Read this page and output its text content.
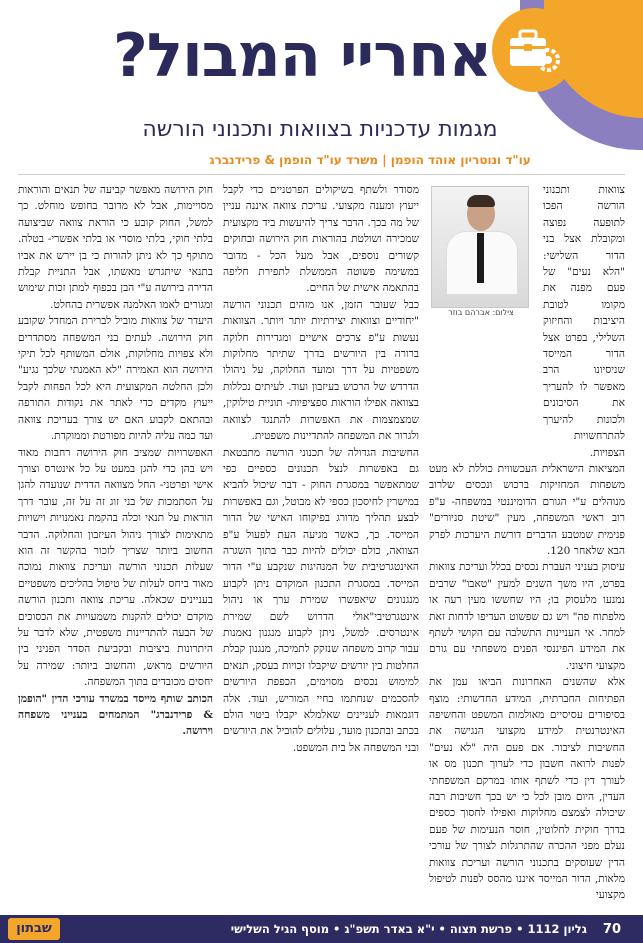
אחריי המבול?
מגמות עדכניות בצוואות ותכנוני הורשה
עו"ד ונוטריון אוהד הופמן | משרד עו"ד הופמן & פרידנברג
צילום: אברהם בוזר

צוואות ותכנוני הורשה הפכו לתופעה נפוצה ומקובלת אצל בני הדור השלישי: "הלא נעים" של פעם מפנה את מקומו לטובת היציבות והחיזוק השלילי, בפרט אצל הדור המייסד שניסיונו הרב מאפשר לו להעריך את הסיכונים ולכונות להיערך להתרחשויות הצפויות.

המציאות הישראלית העכשווית כוללת לא מעט משפחות המחזיקות ברכוש ונכסים שלרוב מנוהלים ע"י הגורם הדומיננטי במשפחה- ע"פ רוב ראשי המשפחה, מעין "שיטת סניורים" פנימית שמטבע הדברים דורשת היערכות לפרק הבא שלאחר 120.

עיסוק בעניני העברת נכסים בכלל ועריכת צוואות בפרט, היו משך השנים למעין "טאבו" שרבים נמנעו מלעסוק בו; היו שחששו מעין רעה או מלפתוח פה" ויש גם שפשוט העדיפו לדחות זאת למחר. אי העניינות התשלבה עם הקושי לשתף את המידע הפיננסי הפנים משפחתי עם גורם מקצועי חיצוני.

אלא שהשנים האחרונות הביאו עמן את הפתיחות החברתית, המידע החדשותי: מוצף בסיפורים עסיסיים מאולמות המשפט והחשיפה האינטרנטית למידע מקצועי הנגישה את החשיבות לציבור. אם פעם היה "לא נעים" לפנות לרואה חשבון כדי לערוך תכנון מס או לעורך דין כדי לשתף אותו במרקם המשפחתי העדין, היום מובן לכל כי יש בכך חשיבות רבה שיכולה לצמצם מחלוקות ואפילו לחסוך כספים בדרך חוקית לחלוטין, חוסר הנעימות של פעם נעלם מפני ההכרה שהתרגלות לצורך של עורכי הדין שעוסקים בתכנוני הורשה ועריכת צוואות מלאות, הדור המייסד איננו מהסס לפנות לטיפול מקצועי

מסודר ולשתף בשיקולים הפרטניים כדי לקבל ייעוץ ומענה מקצועי. עריכת צוואה איננה עניין של מה בכך. הדבר צריך להיעשות ביד מקצועית שמכירה ושולטת בהוראות חוק הירושה ובחוקים קשורים נוספים, אבל מעל הכל - מדובר במשימה פשוטה הממשלת לתפירת חליפה בהתאמה אישית של החיים.

כבל שעובר הזמן, אנו מזהים תכנוני הורשה "יחודיים וצוואות יצירתיות יותר ויותר. הצוואות נעשות ע"פ צרכים אישיים ומגדירות חלוקה ברורה בין היורשים בדרך שתיתר מחלוקות משפטיות על דרך ומועד החלוקה, על ניהולו הדרדש של הרכוש בעיזבון ועוד. לעיתים נכללות בצוואה אפילו הוראות ספציפיות- תוניית טילוקין, שמצמצמות את האפשרות להתנגד לצוואה ולגרור את המשפחה להתדיינות משפטית.

החשיבות הגדולה של תכנוני הורשה מתבטאת גם באפשרות לנצל תכנונים כספיים כפי שמתאפשר במסגרת החוק - דבר שיכול להביא במישרין לחיסכון כספי לא מבוטל, וגם באפשרות לבצע תהליך מדורג בפיקוחו האישי של הדור המייסד. כך, כאשר מגיעה העת לפעול ע"פ הצוואה, כולם יכולים להיות כבר בתוך השגרה האינטגרטיבית של המנהיגות שנקבע ע"י הדור המייסד. במסגרת התכנון המוקדם ניתן לקבוע מנגנונים שיאפשרו שמירת ערך או ניהול אינטגרטיבי"אולי הדרוש לשם שמירת אינטרסים. למשל, ניתן לקבוע מנגנון נאמנות עבור קרוב משפחה שנזקק לתמיכה, מנגנון קבלת החלטות בין יורשים שיקבלו זכויות בעסק, תנאים למימוש נכסים מסוימים, הכפפת היורשים להסכמים שנחתמו בחיי המוריש, ועוד. אלה דוגמאות לעניינים שאלמלא יקבלו ביטוי הולם בכתב ובתכנון מועד, עלולים להוביל את היורשים ובני המשפחה אל בית המשפט.

חוק הירושה מאפשר קביעה של תנאים והוראות מסויימות, אבל לא מדובר בחופש מוחלט. כך למשל, החוק קובע כי הוראת צוואה שביצועה בלתי חוקי, בלתי מוסרי או בלתי אפשרי- בטלה. מתוקף כך לא ניתן להורות כי בן יירש את אביו בתנאי שיתגרש מאשתו, אבל התניית קבלת הדירה בירושה ע"י הבן בכפוף למתן זכות שימוש ומגורים לאמו האלמנה אפשרית בהחלט.

היעדר של צוואות מוביל לברירת המחדל שקובע חוק הירושה. לעתים בני המשפחה מסתדרים ולא צפויות מחלוקות, אולם המשותף לכל תיקי הירושה הוא האמירה "לא האמנתי שלכך נגיע" ולכן החלטה המקצועית היא לכל הפחות לקבל ייעוץ מקדים כדי לאתר את נקודות התורפה ובהתאם לקבוע האם יש צורך בעריכת צוואה ועד כמה עליה להיות מפורטת וממוקדת.

האפשרויות שמציב חוק הירושה רחבות מאוד ויש בהן כדי להגן במעט על כל אינטרס וצורך אישי ופרטני- החל מצוואה הדדית שנועדה להגן על הסתמכות של בני זוג זה על זה, עובר דרך הוראות על תנאי וכלה בהקמת נאמנויות וישויות מתאימות לצורך ניהול העיזבון והחלוקה. הדבר החשוב ביותר שצריך לזכור בהקשר זה הוא שעלות תכנוני הורשה ועריכת צוואות נמוכה מאוד ביחס לעלות של טיפול בהליכים משפטיים בעניינים שכאלה. עריכת צוואה ותכנון הורשה מוקדם יכולים להקנות משמעויות את הכסוכים של הבעה להתדיינות משפטית, שלא לדבר על היתרונות ביציבות ובקביעת הסדר הפניני בין היורשים מראש, והחשוב ביותר: שמירה על יחסים מכובדים בתוך המשפחה.

הכותב שותף מייסד במשרד עורכי הדין "הופמן & פרידנברג" המתמחים בענייני משפחה וירושה.

70    גליון 1112 • פרשת תצוה • י"א באדר תשפ"ג • מוסף הגיל השלישי
שבתון
